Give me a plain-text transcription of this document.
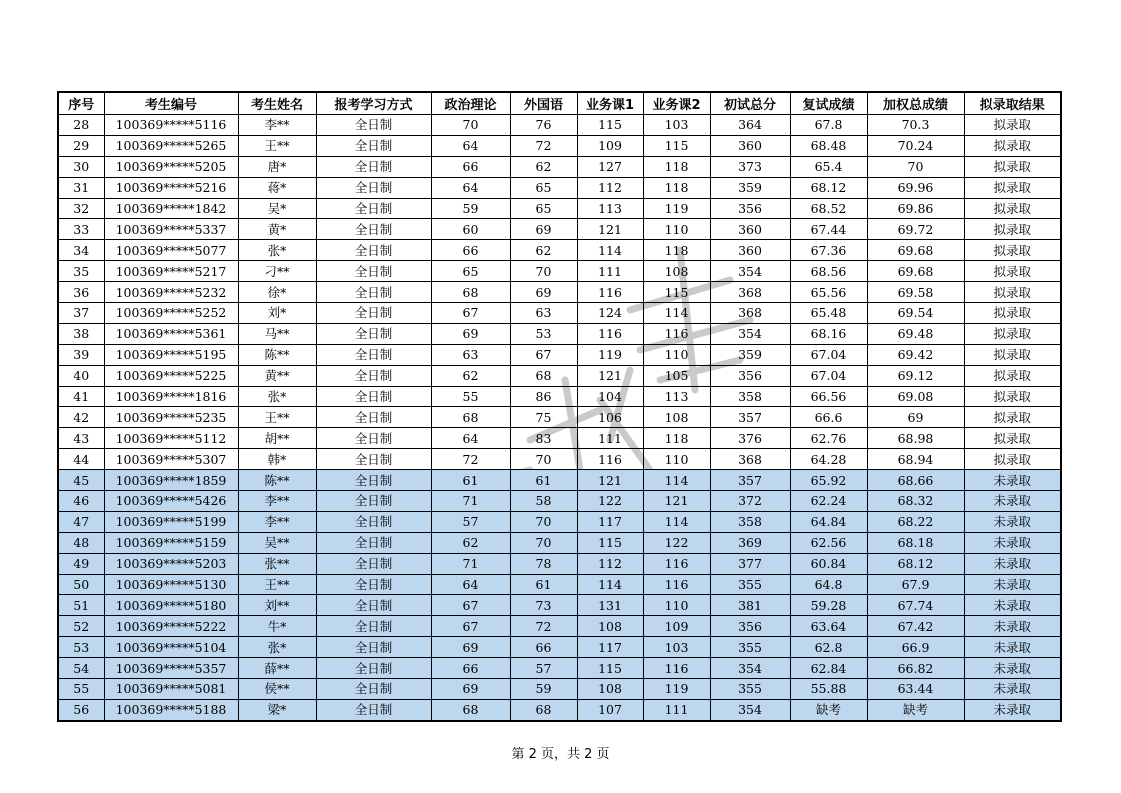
序号	考生编号	考生姓名	报考学习方式	政治理论	外国语	业务课1	业务课2	初试总分	复试成绩	加权总成绩	拟录取结果
28	100369*****5116	李**	全日制	70	76	115	103	364	67.8	70.3	拟录取
29	100369*****5265	王**	全日制	64	72	109	115	360	68.48	70.24	拟录取
30	100369*****5205	唐*	全日制	66	62	127	118	373	65.4	70	拟录取
31	100369*****5216	蒋*	全日制	64	65	112	118	359	68.12	69.96	拟录取
32	100369*****1842	吴*	全日制	59	65	113	119	356	68.52	69.86	拟录取
33	100369*****5337	黄*	全日制	60	69	121	110	360	67.44	69.72	拟录取
34	100369*****5077	张*	全日制	66	62	114	118	360	67.36	69.68	拟录取
35	100369*****5217	刁**	全日制	65	70	111	108	354	68.56	69.68	拟录取
36	100369*****5232	徐*	全日制	68	69	116	115	368	65.56	69.58	拟录取
37	100369*****5252	刘*	全日制	67	63	124	114	368	65.48	69.54	拟录取
38	100369*****5361	马**	全日制	69	53	116	116	354	68.16	69.48	拟录取
39	100369*****5195	陈**	全日制	63	67	119	110	359	67.04	69.42	拟录取
40	100369*****5225	黄**	全日制	62	68	121	105	356	67.04	69.12	拟录取
41	100369*****1816	张*	全日制	55	86	104	113	358	66.56	69.08	拟录取
42	100369*****5235	王**	全日制	68	75	106	108	357	66.6	69	拟录取
43	100369*****5112	胡**	全日制	64	83	111	118	376	62.76	68.98	拟录取
44	100369*****5307	韩*	全日制	72	70	116	110	368	64.28	68.94	拟录取
45	100369*****1859	陈**	全日制	61	61	121	114	357	65.92	68.66	未录取
46	100369*****5426	李**	全日制	71	58	122	121	372	62.24	68.32	未录取
47	100369*****5199	李**	全日制	57	70	117	114	358	64.84	68.22	未录取
48	100369*****5159	吴**	全日制	62	70	115	122	369	62.56	68.18	未录取
49	100369*****5203	张**	全日制	71	78	112	116	377	60.84	68.12	未录取
50	100369*****5130	王**	全日制	64	61	114	116	355	64.8	67.9	未录取
51	100369*****5180	刘**	全日制	67	73	131	110	381	59.28	67.74	未录取
52	100369*****5222	牛*	全日制	67	72	108	109	356	63.64	67.42	未录取
53	100369*****5104	张*	全日制	69	66	117	103	355	62.8	66.9	未录取
54	100369*****5357	薛**	全日制	66	57	115	116	354	62.84	66.82	未录取
55	100369*****5081	侯**	全日制	69	59	108	119	355	55.88	63.44	未录取
56	100369*****5188	梁*	全日制	68	68	107	111	354	缺考	缺考	未录取
第 2 页，共 2 页
